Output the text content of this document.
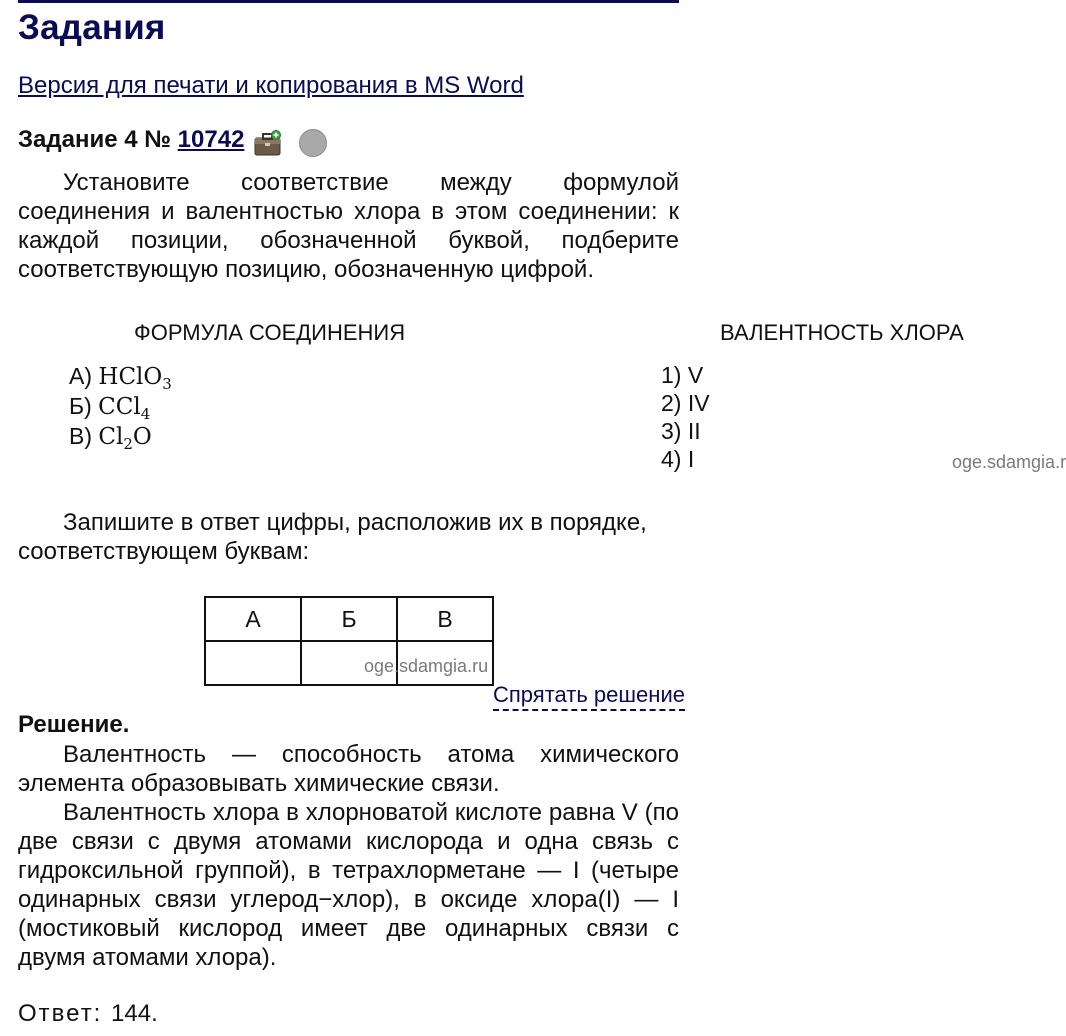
Задания
Версия для печати и копирования в MS Word
Задание 4 № 10742
Установите соответствие между формулой соединения и валентностью хлора в этом соединении: к каждой позиции, обозначенной буквой, подберите соответствующую позицию, обозначенную цифрой.
ФОРМУЛА СОЕДИНЕНИЯ	ВАЛЕНТНОСТЬ ХЛОРА
А) HClO$_3$
Б) CCl$_4$
В) $Cl_2O$
1) V
2) IV
3) II
4) I	oge.sdamgia.r
Запишите в ответ цифры, расположив их в порядке, соответствующем буквам:
А	Б	В

oge.sdamgia.ru
Спрятать решение
Решение.
Валентность — способность атома химического элемента образовывать химические связи.
Валентность хлора в хлорноватой кислоте равна V (по две связи с двумя атомами кислорода и одна связь с гидроксильной группой), в тетрахлорметане — I (четыре одинарных связи углерод−хлор), в оксиде хлора(I) — I (мостиковый кислород имеет две одинарных связи с двумя атомами хлора).
Ответ: 144.
